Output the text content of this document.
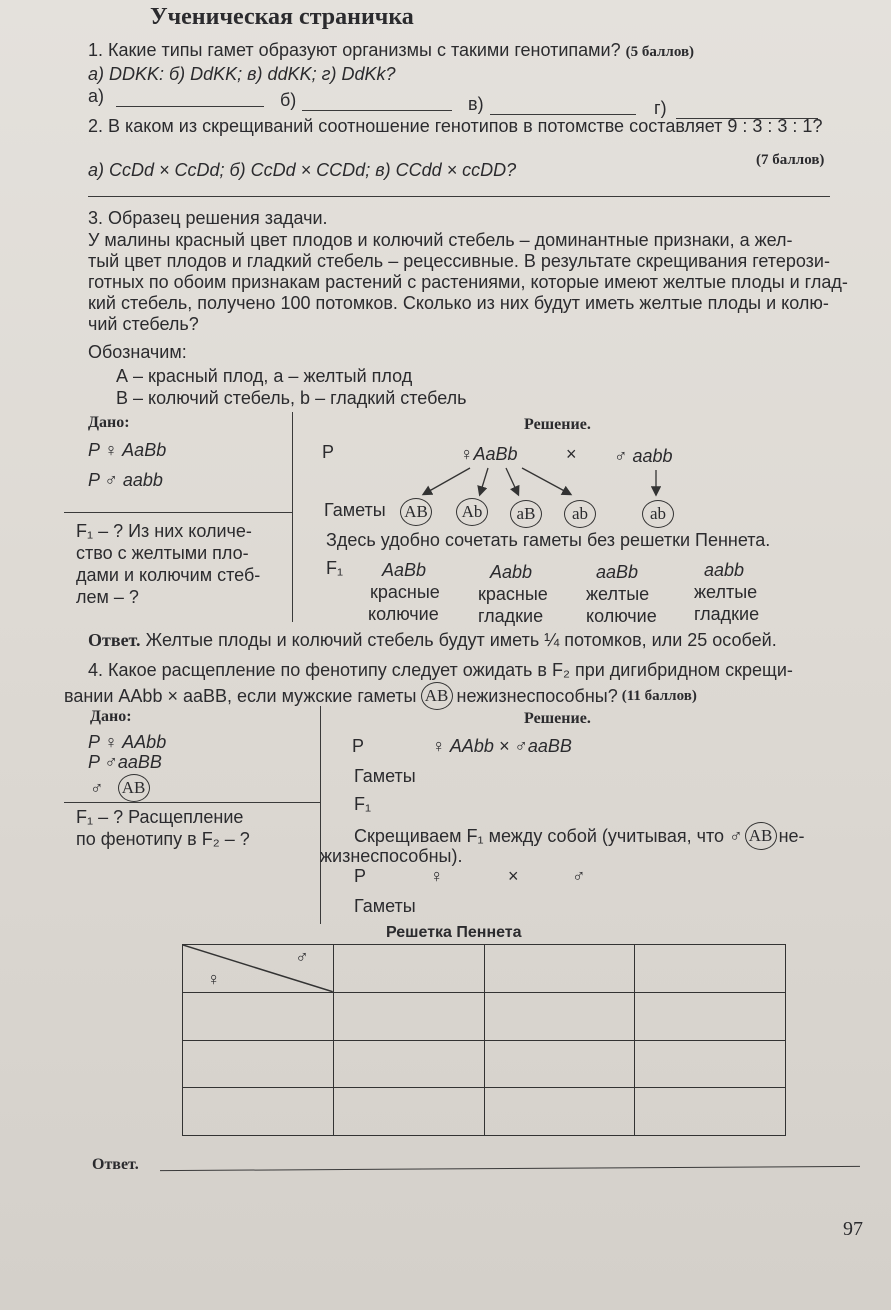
Ученическая страничка
1. Какие типы гамет образуют организмы с такими генотипами? (5 баллов)
а) DDKK: б) DdKK; в) ddKK; г) DdKk?
а)	б)	в)	г)
2. В каком из скрещиваний соотношение генотипов в потомстве составляет 9 : 3 : 3 : 1?
(7 баллов)
а) CcDd × CcDd; б) CcDd × CCDd; в) CCdd × ccDD?
3. Образец решения задачи.
У малины красный цвет плодов и колючий стебель – доминантные признаки, а жел-
тый цвет плодов и гладкий стебель – рецессивные. В результате скрещивания гетерози-
готных по обоим признакам растений с растениями, которые имеют желтые плоды и глад-
кий стебель, получено 100 потомков. Сколько из них будут иметь желтые плоды и колю-
чий стебель?
Обозначим:
А – красный плод, а – желтый плод
В – колючий стебель, b – гладкий стебель
Дано:
P ♀ AaBb
P ♂ aabb
F₁ – ? Из них количе-
ство с желтыми пло-
дами и колючим стеб-
лем – ?
Решение.
P	♀AaBb	× ♂ aabb
Гаметы AB	Ab	aB	ab	ab
Здесь удобно сочетать гаметы без решетки Пеннета.
F₁ AaBb
красные
колючие
Aabb
красные
гладкие
aaBb
желтые
колючие
aabb
желтые
гладкие
Ответ. Желтые плоды и колючий стебель будут иметь ¼ потомков, или 25 особей.
4. Какое расщепление по фенотипу следует ожидать в F₂ при дигибридном скрещи-
вании AAbb × aaBB, если мужские гаметы AB нежизнеспособны? (11 баллов)
Дано:
P ♀ AAbb
P ♂aaBB
♂ AB
F₁ – ? Расщепление
по фенотипу в F₂ – ?
Решение.
P	♀ AAbb × ♂aaBB
Гаметы
F₁
Скрещиваем F₁ между собой (учитывая, что ♂ AB не-
жизнеспособны).
P	♀	×	♂
Гаметы
Решетка Пеннета
♂
♀			

Ответ.
97
